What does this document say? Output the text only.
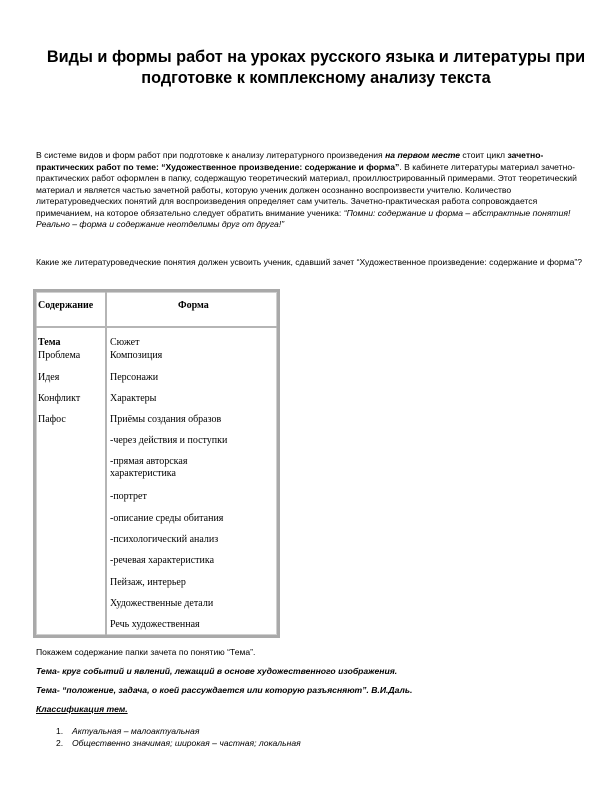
Виды и формы работ на уроках русского языка и литературы при подготовке к комплексному анализу текста
В системе видов и форм работ при подготовке к анализу литературного произведения на первом месте стоит цикл зачетно-практических работ по теме: “Художественное произведение: содержание и форма”. В кабинете литературы материал зачетно-практических работ оформлен в папку, содержащую теоретический материал, проиллюстрированный примерами. Этот теоретический материал и является частью зачетной работы, которую ученик должен осознанно воспроизвести учителю. Количество литературоведческих понятий для воспроизведения определяет сам учитель. Зачетно-практическая работа сопровождается примечанием, на которое обязательно следует обратить внимание ученика: “Помни: содержание и форма – абстрактные понятия! Реально – форма и содержание неотделимы друг от друга!”
Какие же литературоведческие понятия должен усвоить ученик, сдавший зачет “Художественное произведение: содержание и форма”?
Содержание	Форма
Тема
Проблема
Идея
Конфликт
Пафос
Сюжет
Композиция
Персонажи
Характеры
Приёмы создания образов
-через действия и поступки
-прямая авторская характеристика
-портрет
-описание среды обитания
-психологический анализ
-речевая характеристика
Пейзаж, интерьер
Художественные детали
Речь художественная
Покажем содержание папки зачета по понятию “Тема”.
Тема- круг событий и явлений, лежащий в основе художественного изображения.
Тема- “положение, задача, о коей рассуждается или которую разъясняют”. В.И.Даль.
Классификация тем.
1. Актуальная – малоактуальная
2. Общественно значимая; широкая – частная; локальная
